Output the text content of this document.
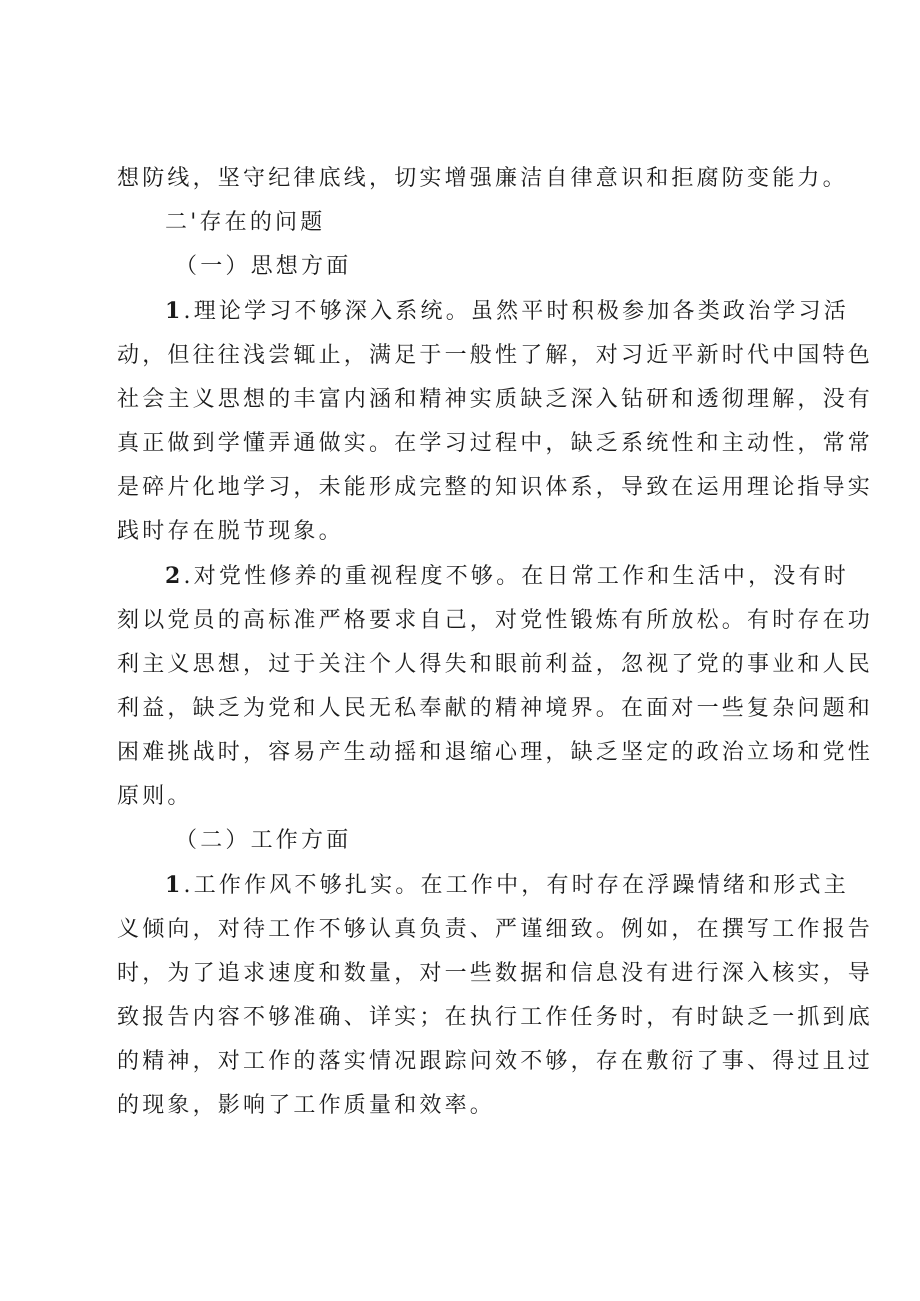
想防线，坚守纪律底线，切实增强廉洁自律意识和拒腐防变能力。
二'存在的问题
（一）思想方面
1.理论学习不够深入系统。虽然平时积极参加各类政治学习活
动，但往往浅尝辄止，满足于一般性了解，对习近平新时代中国特色
社会主义思想的丰富内涵和精神实质缺乏深入钻研和透彻理解，没有
真正做到学懂弄通做实。在学习过程中，缺乏系统性和主动性，常常
是碎片化地学习，未能形成完整的知识体系，导致在运用理论指导实
践时存在脱节现象。
2.对党性修养的重视程度不够。在日常工作和生活中，没有时
刻以党员的高标准严格要求自己，对党性锻炼有所放松。有时存在功
利主义思想，过于关注个人得失和眼前利益，忽视了党的事业和人民
利益，缺乏为党和人民无私奉献的精神境界。在面对一些复杂问题和
困难挑战时，容易产生动摇和退缩心理，缺乏坚定的政治立场和党性
原则。
（二）工作方面
1.工作作风不够扎实。在工作中，有时存在浮躁情绪和形式主
义倾向，对待工作不够认真负责、严谨细致。例如，在撰写工作报告
时，为了追求速度和数量，对一些数据和信息没有进行深入核实，导
致报告内容不够准确、详实；在执行工作任务时，有时缺乏一抓到底
的精神，对工作的落实情况跟踪问效不够，存在敷衍了事、得过且过
的现象，影响了工作质量和效率。
